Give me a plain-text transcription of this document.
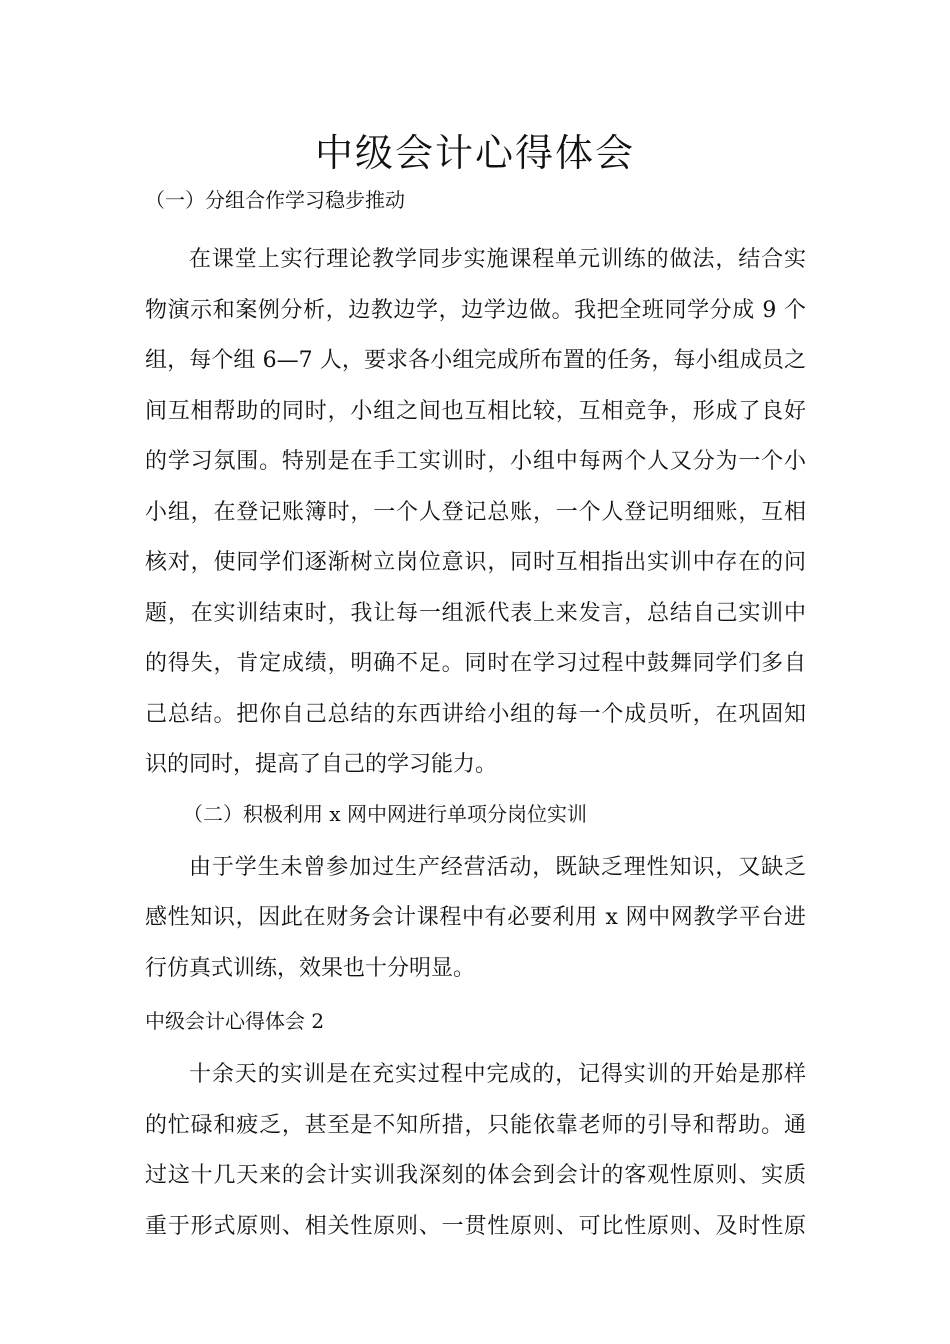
中级会计心得体会
（一）分组合作学习稳步推动
在课堂上实行理论教学同步实施课程单元训练的做法，结合实
物演示和案例分析，边教边学，边学边做。我把全班同学分成 9 个
组，每个组 6—7 人，要求各小组完成所布置的任务，每小组成员之
间互相帮助的同时，小组之间也互相比较，互相竞争，形成了良好
的学习氛围。特别是在手工实训时，小组中每两个人又分为一个小
小组，在登记账簿时，一个人登记总账，一个人登记明细账，互相
核对，使同学们逐渐树立岗位意识，同时互相指出实训中存在的问
题，在实训结束时，我让每一组派代表上来发言，总结自己实训中
的得失，肯定成绩，明确不足。同时在学习过程中鼓舞同学们多自
己总结。把你自己总结的东西讲给小组的每一个成员听，在巩固知
识的同时，提高了自己的学习能力。
（二）积极利用 x 网中网进行单项分岗位实训
由于学生未曾参加过生产经营活动，既缺乏理性知识，又缺乏
感性知识，因此在财务会计课程中有必要利用 x 网中网教学平台进
行仿真式训练，效果也十分明显。
中级会计心得体会 2
十余天的实训是在充实过程中完成的，记得实训的开始是那样
的忙碌和疲乏，甚至是不知所措，只能依靠老师的引导和帮助。通
过这十几天来的会计实训我深刻的体会到会计的客观性原则、实质
重于形式原则、相关性原则、一贯性原则、可比性原则、及时性原
